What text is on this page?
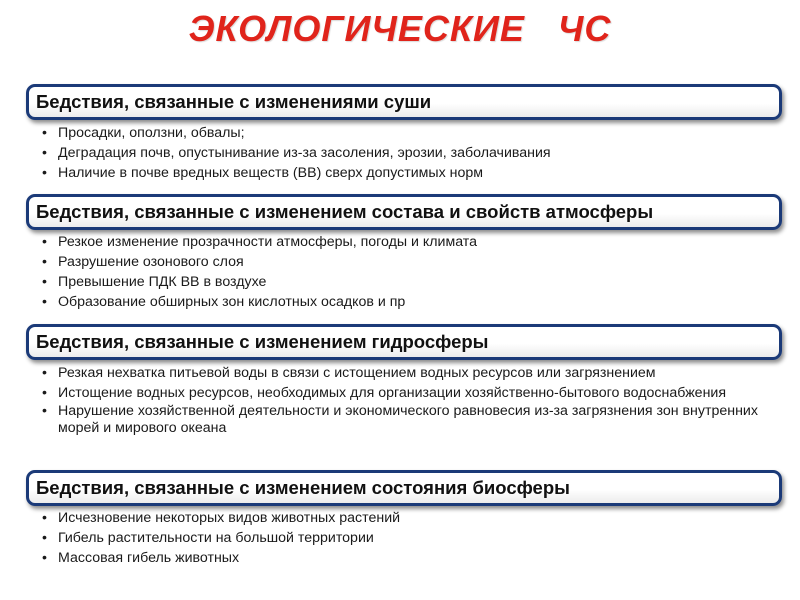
ЭКОЛОГИЧЕСКИЕ   ЧС
Бедствия, связанные с изменениями суши
• Просадки, оползни, обвалы;
• Деградация почв, опустынивание из-за засоления, эрозии, заболачивания
• Наличие в почве вредных веществ (ВВ) сверх допустимых норм
Бедствия, связанные с изменением состава и свойств атмосферы
• Резкое изменение прозрачности атмосферы, погоды и климата
• Разрушение озонового слоя
• Превышение ПДК ВВ в воздухе
• Образование обширных зон кислотных осадков и пр
Бедствия, связанные с изменением гидросферы
• Резкая нехватка питьевой воды в связи с истощением водных ресурсов или загрязнением
• Истощение водных ресурсов, необходимых для организации хозяйственно-бытового водоснабжения
• Нарушение хозяйственной деятельности и экономического равновесия из-за загрязнения зон внутренних морей и мирового океана
Бедствия, связанные с изменением состояния биосферы
• Исчезновение некоторых видов животных растений
• Гибель растительности на большой территории
• Массовая гибель животных
